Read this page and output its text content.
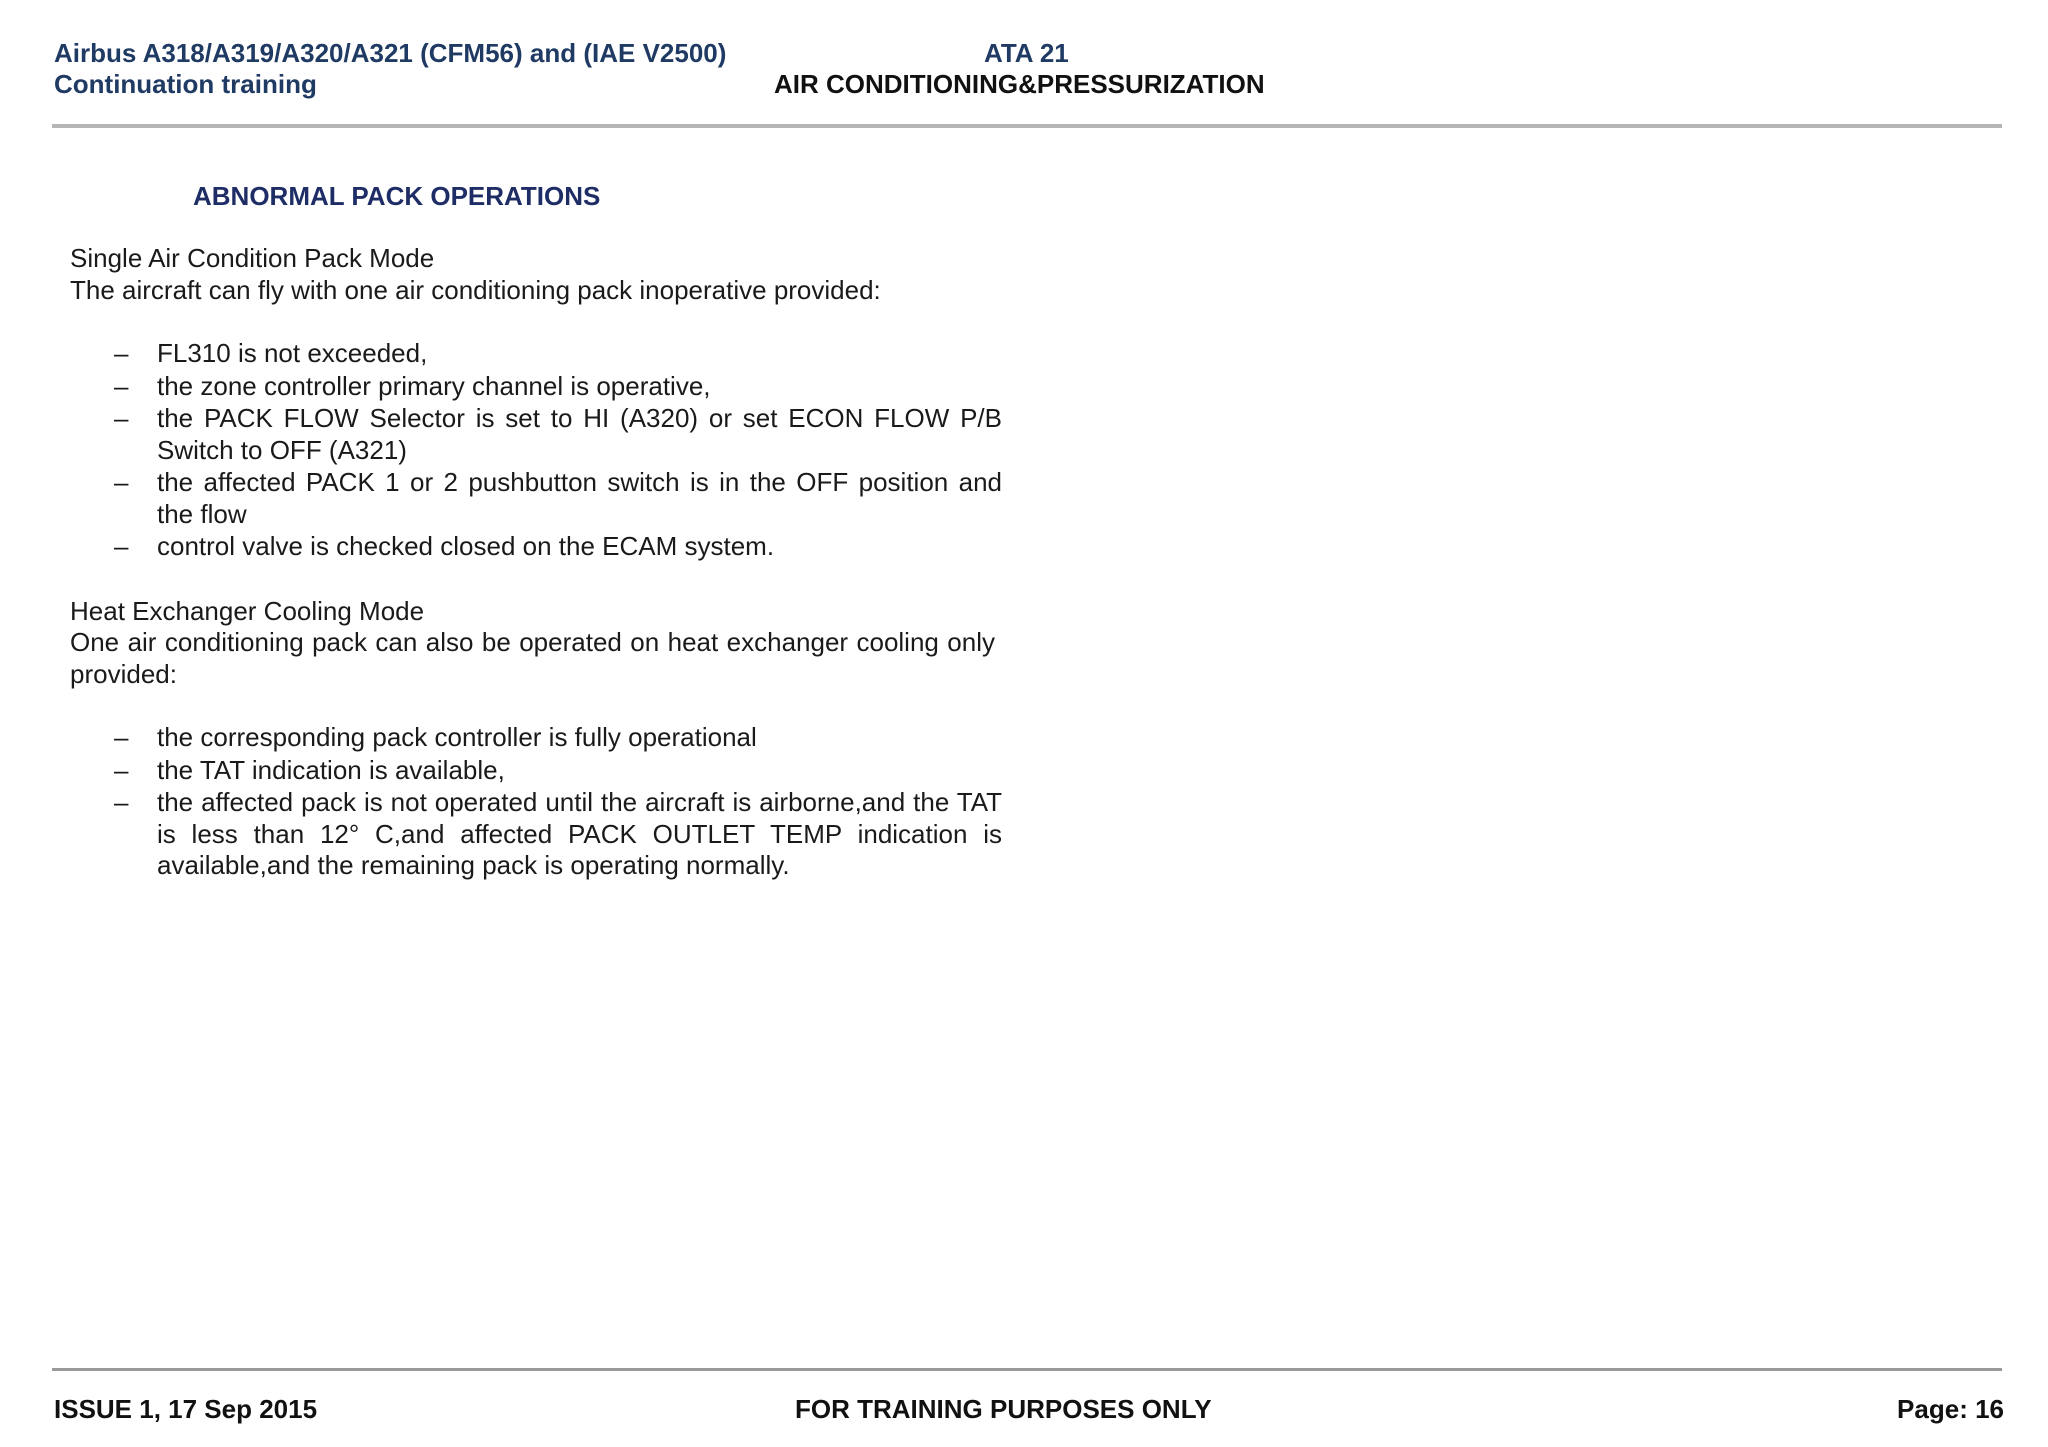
Airbus A318/A319/A320/A321 (CFM56) and (IAE V2500)
Continuation training
ATA 21
AIR CONDITIONING&PRESSURIZATION
ABNORMAL PACK OPERATIONS

Single Air Condition Pack Mode

The aircraft can fly with one air conditioning pack inoperative provided:

– FL310 is not exceeded,
– the zone controller primary channel is operative,
– the PACK FLOW Selector is set to HI (A320) or set ECON FLOW P/B Switch to OFF (A321)
– the affected PACK 1 or 2 pushbutton switch is in the OFF position and the flow
– control valve is checked closed on the ECAM system.

Heat Exchanger Cooling Mode

One air conditioning pack can also be operated on heat exchanger cooling only provided:

– the corresponding pack controller is fully operational
– the TAT indication is available,
– the affected pack is not operated until the aircraft is airborne,and the TAT is less than 12° C,and affected PACK OUTLET TEMP indication is available,and the remaining pack is operating normally.
ISSUE 1, 17 Sep 2015	FOR TRAINING PURPOSES ONLY	Page: 16
